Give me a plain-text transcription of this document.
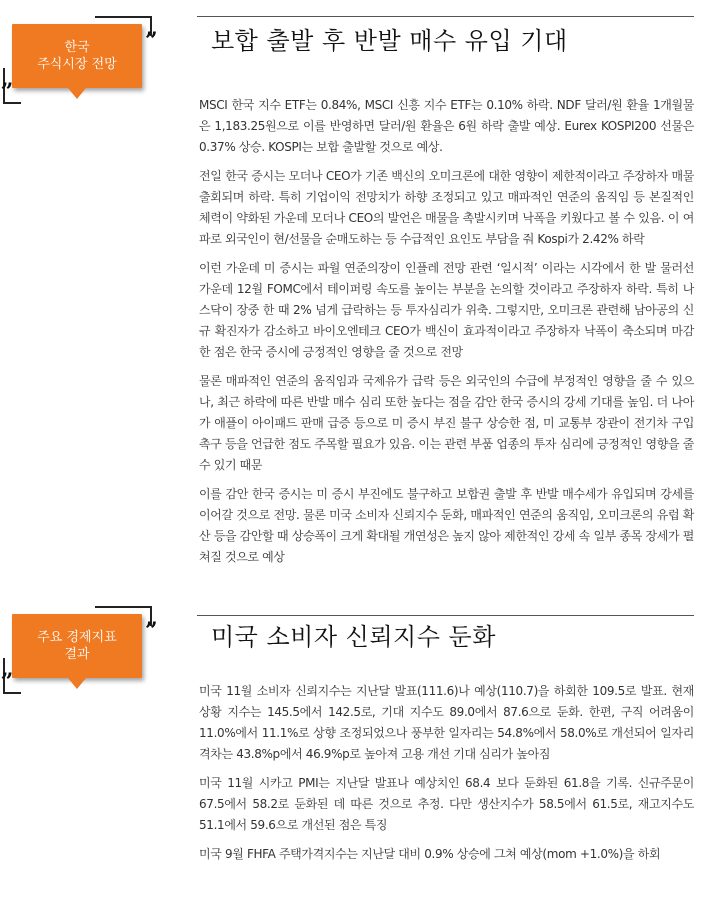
한국
주식시장 전망
”
„
보합 출발 후 반발 매수 유입 기대

MSCI 한국 지수 ETF는 0.84%, MSCI 신흥 지수 ETF는 0.10% 하락. NDF 달러/원 환율 1개월물은 1,183.25원으로 이를 반영하면 달러/원 환율은 6원 하락 출발 예상. Eurex KOSPI200 선물은 0.37% 상승. KOSPI는 보합 출발할 것으로 예상.

전일 한국 증시는 모더나 CEO가 기존 백신의 오미크론에 대한 영향이 제한적이라고 주장하자 매물 출회되며 하락. 특히 기업이익 전망치가 하향 조정되고 있고 매파적인 연준의 움직임 등 본질적인 체력이 약화된 가운데 모더나 CEO의 발언은 매물을 촉발시키며 낙폭을 키웠다고 볼 수 있음. 이 여파로 외국인이 현/선물을 순매도하는 등 수급적인 요인도 부담을 줘 Kospi가 2.42% 하락

이런 가운데 미 증시는 파월 연준의장이 인플레 전망 관련 ‘일시적’ 이라는 시각에서 한 발 물러선 가운데 12월 FOMC에서 테이퍼링 속도를 높이는 부분을 논의할 것이라고 주장하자 하락. 특히 나스닥이 장중 한 때 2% 넘게 급락하는 등 투자심리가 위축. 그렇지만, 오미크론 관련해 남아공의 신규 확진자가 감소하고 바이오엔테크 CEO가 백신이 효과적이라고 주장하자 낙폭이 축소되며 마감 한 점은 한국 증시에 긍정적인 영향을 줄 것으로 전망

물론 매파적인 연준의 움직임과 국제유가 급락 등은 외국인의 수급에 부정적인 영향을 줄 수 있으나, 최근 하락에 따른 반발 매수 심리 또한 높다는 점을 감안 한국 증시의 강세 기대를 높임. 더 나아가 애플이 아이패드 판매 급증 등으로 미 증시 부진 불구 상승한 점, 미 교통부 장관이 전기차 구입 촉구 등을 언급한 점도 주목할 필요가 있음. 이는 관련 부품 업종의 투자 심리에 긍정적인 영향을 줄 수 있기 때문

이를 감안 한국 증시는 미 증시 부진에도 불구하고 보합권 출발 후 반발 매수세가 유입되며 강세를 이어갈 것으로 전망. 물론 미국 소비자 신뢰지수 둔화, 매파적인 연준의 움직임, 오미크론의 유럽 확산 등을 감안할 때 상승폭이 크게 확대될 개연성은 높지 않아 제한적인 강세 속 일부 종목 장세가 펼쳐질 것으로 예상

주요 경제지표
결과
”
„
미국 소비자 신뢰지수 둔화

미국 11월 소비자 신뢰지수는 지난달 발표(111.6)나 예상(110.7)을 하회한 109.5로 발표. 현재 상황 지수는 145.5에서 142.5로, 기대 지수도 89.0에서 87.6으로 둔화. 한편, 구직 어려움이 11.0%에서 11.1%로 상향 조정되었으나 풍부한 일자리는 54.8%에서 58.0%로 개선되어 일자리 격차는 43.8%p에서 46.9%p로 높아져 고용 개선 기대 심리가 높아짐

미국 11월 시카고 PMI는 지난달 발표나 예상치인 68.4 보다 둔화된 61.8을 기록. 신규주문이 67.5에서 58.2로 둔화된 데 따른 것으로 추정. 다만 생산지수가 58.5에서 61.5로, 재고지수도 51.1에서 59.6으로 개선된 점은 특징

미국 9월 FHFA 주택가격지수는 지난달 대비 0.9% 상승에 그쳐 예상(mom +1.0%)을 하회
